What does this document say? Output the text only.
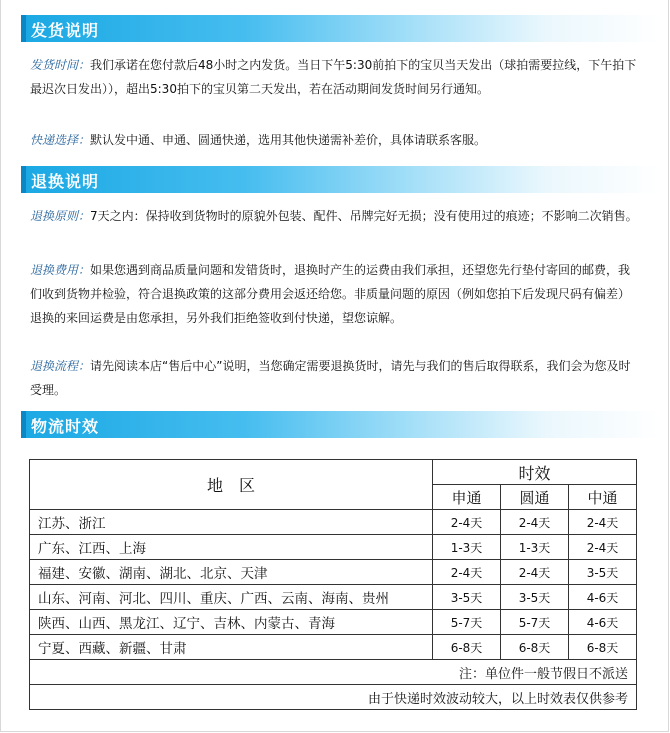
发货说明
发货时间：我们承诺在您付款后48小时之内发货。当日下午5:30前拍下的宝贝当天发出（球拍需要拉线，下午拍下最迟次日发出）），超出5:30拍下的宝贝第二天发出，若在活动期间发货时间另行通知。
快递选择：默认发中通、申通、圆通快递，选用其他快递需补差价，具体请联系客服。
退换说明
退换原则：7天之内：保持收到货物时的原貌外包装、配件、吊牌完好无损；没有使用过的痕迹；不影响二次销售。
退换费用：如果您遇到商品质量问题和发错货时，退换时产生的运费由我们承担，还望您先行垫付寄回的邮费，我们收到货物并检验，符合退换政策的这部分费用会返还给您。非质量问题的原因（例如您拍下后发现尺码有偏差）退换的来回运费是由您承担，另外我们拒绝签收到付快递，望您谅解。
退换流程：请先阅读本店“售后中心”说明，当您确定需要退换货时，请先与我们的售后取得联系，我们会为您及时受理。
物流时效
地　区	时效		
	申通	圆通	中通
江苏、浙江	2-4天	2-4天	2-4天
广东、江西、上海	1-3天	1-3天	2-4天
福建、安徽、湖南、湖北、北京、天津	2-4天	2-4天	3-5天
山东、河南、河北、四川、重庆、广西、云南、海南、贵州	3-5天	3-5天	4-6天
陕西、山西、黑龙江、辽宁、吉林、内蒙古、青海	5-7天	5-7天	4-6天
宁夏、西藏、新疆、甘肃	6-8天	6-8天	6-8天
注：单位件一般节假日不派送			
由于快递时效波动较大，以上时效表仅供参考			
